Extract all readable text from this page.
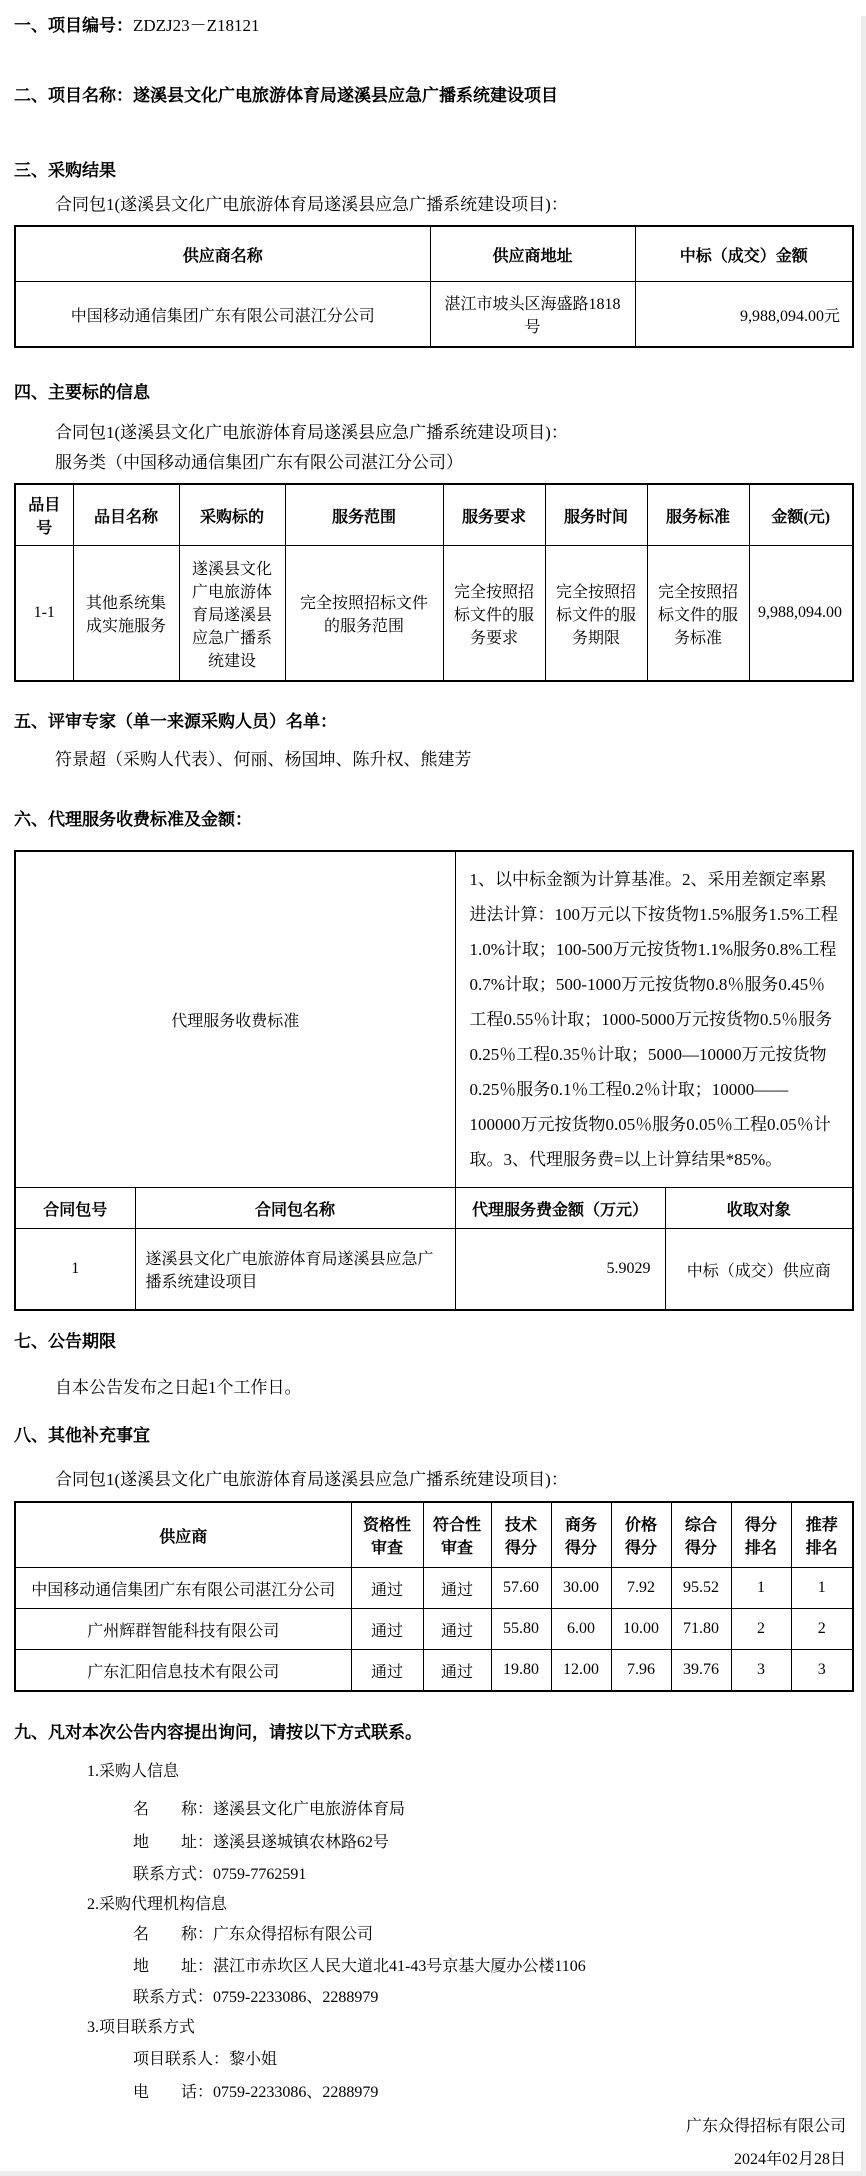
一、项目编号：ZDZJ23－Z18121
二、项目名称：遂溪县文化广电旅游体育局遂溪县应急广播系统建设项目
三、采购结果
合同包1(遂溪县文化广电旅游体育局遂溪县应急广播系统建设项目)：
供应商名称	供应商地址	中标（成交）金额
中国移动通信集团广东有限公司湛江分公司	湛江市坡头区海盛路1818号	9,988,094.00元
四、主要标的信息
合同包1(遂溪县文化广电旅游体育局遂溪县应急广播系统建设项目)：
服务类（中国移动通信集团广东有限公司湛江分公司）
品目号	品目名称	采购标的	服务范围	服务要求	服务时间	服务标准	金额(元)
1-1	其他系统集成实施服务	遂溪县文化广电旅游体育局遂溪县应急广播系统建设	完全按照招标文件的服务范围	完全按照招标文件的服务要求	完全按照招标文件的服务期限	完全按照招标文件的服务标准	9,988,094.00
五、评审专家（单一来源采购人员）名单：
符景超（采购人代表）、何丽、杨国坤、陈升权、熊建芳
六、代理服务收费标准及金额：
代理服务收费标准		1、以中标金额为计算基准。2、采用差额定率累进法计算：100万元以下按货物1.5%服务1.5%工程1.0%计取；100-500万元按货物1.1%服务0.8%工程0.7%计取；500-1000万元按货物0.8％服务0.45％工程0.55％计取；1000-5000万元按货物0.5％服务0.25％工程0.35％计取；5000—10000万元按货物0.25％服务0.1％工程0.2％计取；10000——100000万元按货物0.05％服务0.05％工程0.05％计取。3、代理服务费=以上计算结果*85%。	
合同包号	合同包名称	代理服务费金额（万元）	收取对象
1	遂溪县文化广电旅游体育局遂溪县应急广播系统建设项目	5.9029	中标（成交）供应商
七、公告期限
自本公告发布之日起1个工作日。
八、其他补充事宜
合同包1(遂溪县文化广电旅游体育局遂溪县应急广播系统建设项目)：
供应商	资格性审查	符合性审查	技术得分	商务得分	价格得分	综合得分	得分排名	推荐排名
中国移动通信集团广东有限公司湛江分公司	通过	通过	57.60	30.00	7.92	95.52	1	1
广州辉群智能科技有限公司	通过	通过	55.80	6.00	10.00	71.80	2	2
广东汇阳信息技术有限公司	通过	通过	19.80	12.00	7.96	39.76	3	3
九、凡对本次公告内容提出询问，请按以下方式联系。
1.采购人信息
名　　称：遂溪县文化广电旅游体育局
地　　址：遂溪县遂城镇农林路62号
联系方式：0759-7762591
2.采购代理机构信息
名　　称：广东众得招标有限公司
地　　址：湛江市赤坎区人民大道北41-43号京基大厦办公楼1106
联系方式：0759-2233086、2288979
3.项目联系方式
项目联系人：黎小姐
电　　话：0759-2233086、2288979
广东众得招标有限公司
2024年02月28日
